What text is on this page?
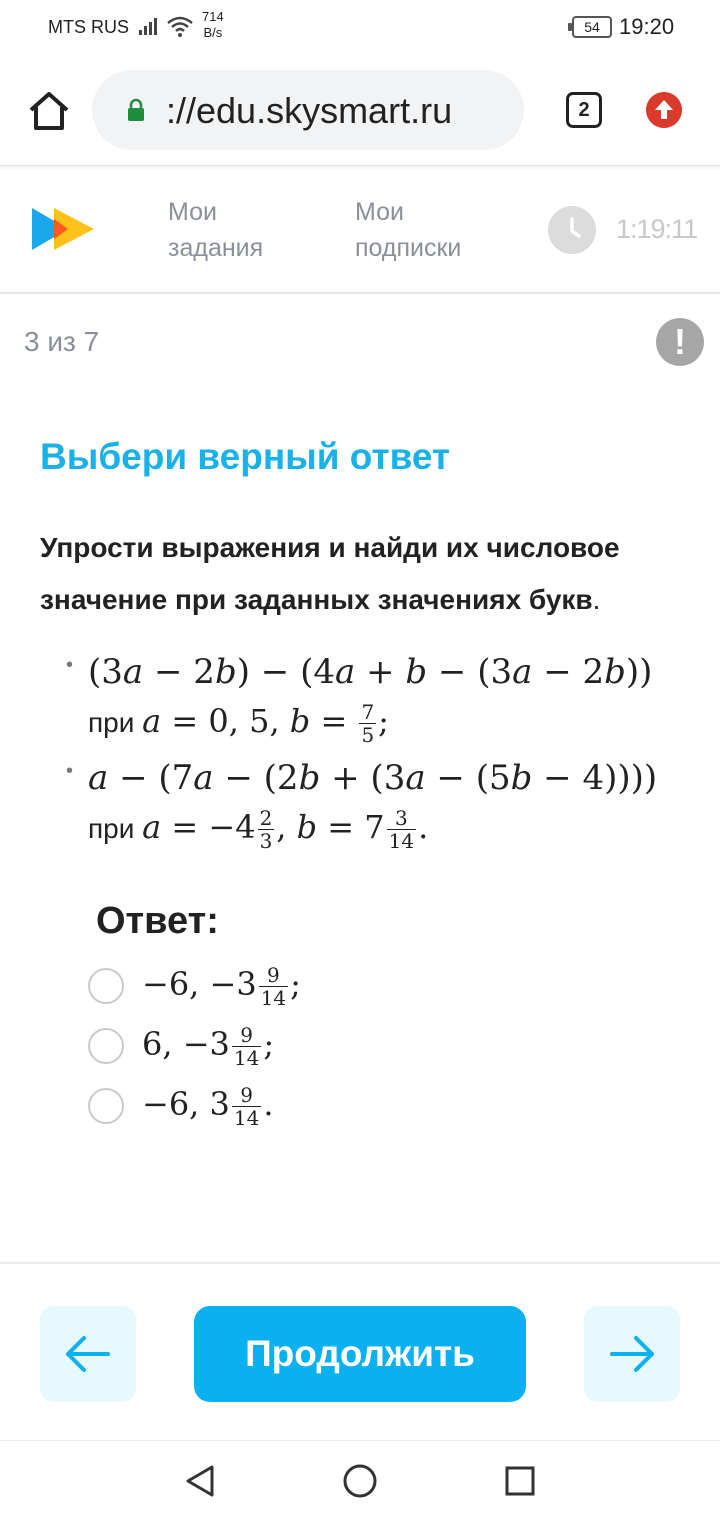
MTS RUS
714
B/s	54 19:20
://edu.skysmart.ru	2
Мои
задания
Мои
подписки
1:19:11
3 из 7	!
Выбери верный ответ

Упрости выражения и найди их числовое значение при заданных значениях букв.

• (3a − 2b) − (4a + b − (3a − 2b))
при a = 0, 5, $b = \frac{7}{5}$ ;
• a − (7a − (2b + (3a − (5b − 4))))
при $a = -4 \frac{2}{3}$ , $b = 7 \frac{3}{14}$ .
Ответ:
−6, $-3 \frac{9}{14}$ ;
6, $-3 \frac{9}{14}$ ;
−6, $3 \frac{9}{14}$ .
Продолжить
